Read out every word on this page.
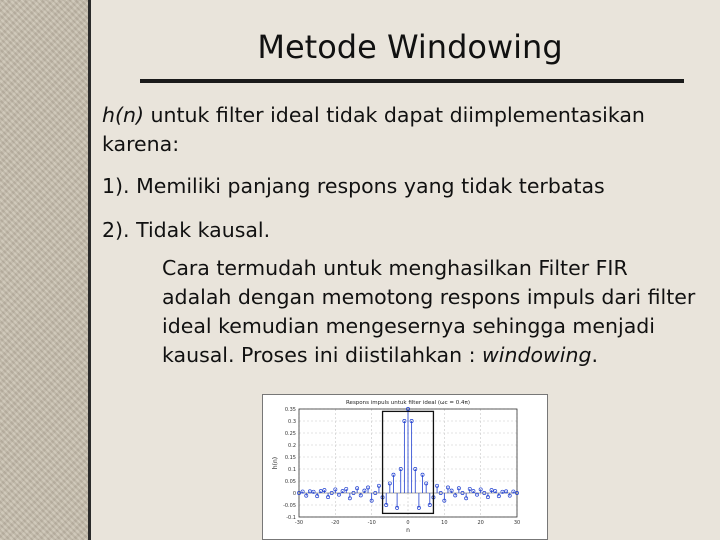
Metode Windowing

h(n) untuk filter ideal tidak dapat diimplementasikan karena:

1). Memiliki panjang respons yang tidak terbatas

2). Tidak kausal.

Cara termudah untuk menghasilkan Filter FIR adalah dengan memotong respons impuls dari filter ideal kemudian mengesernya sehingga menjadi kausal. Proses ini diistilahkan : windowing.

-0.1
-0.05
0
0.05
0.1
0.15
0.2
0.25
0.3
0.35
-30	-20	-10	0	10	20	30
Respons impuls untuk filter ideal (ωc = 0.4π)
n
h(n)
